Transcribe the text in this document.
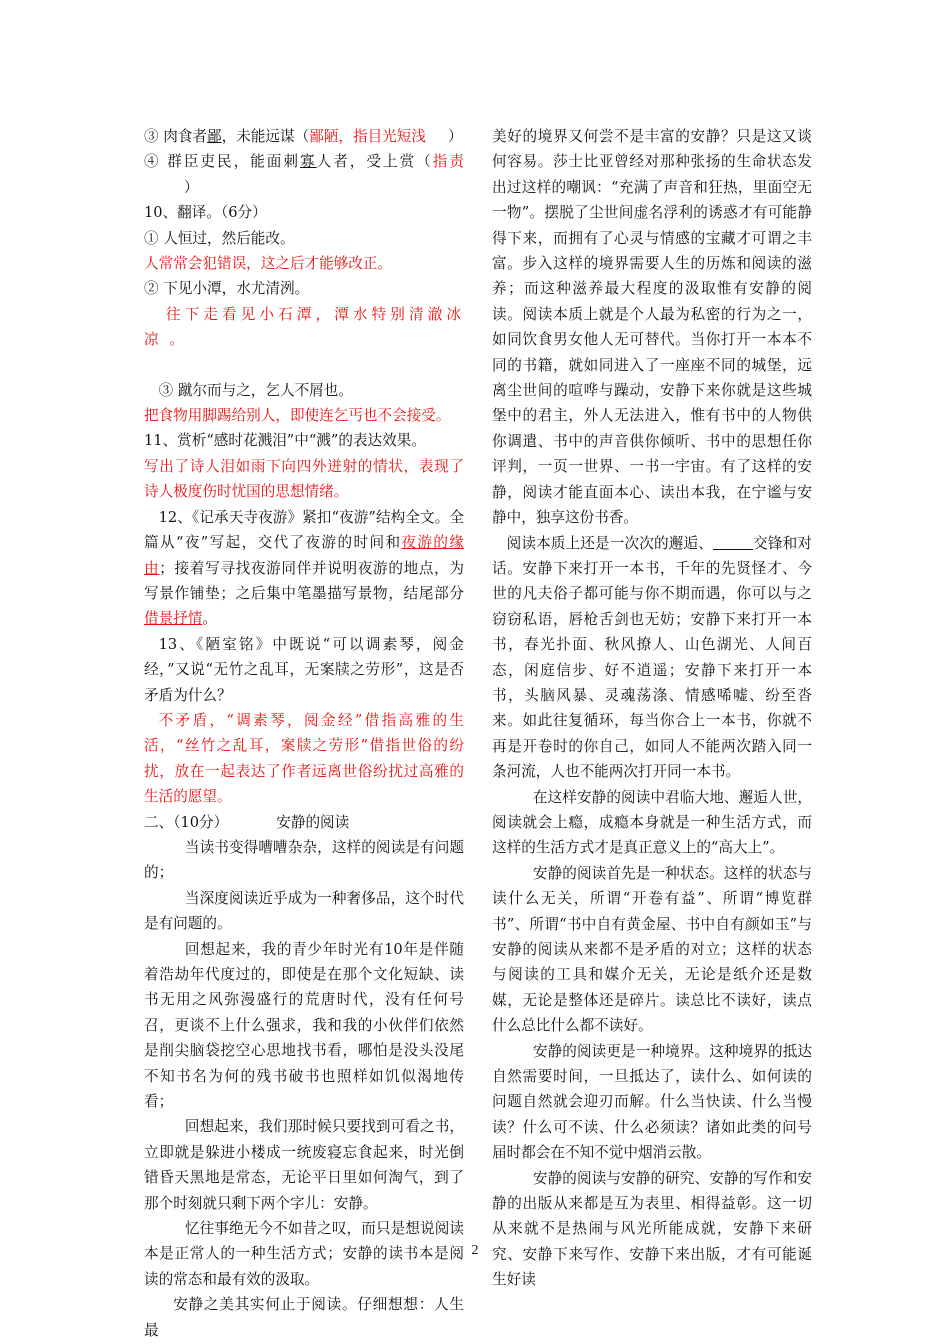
③ 肉食者鄙，未能远谋（鄙陋，指目光短浅 ）

④ 群臣吏民，能面刺寡人者，受上赏（指责）

10、翻译。（6分）

① 人恒过，然后能改。

人常常会犯错误，这之后才能够改正。

② 下见小潭，水尤清洌。

往下走看见小石潭，潭水特别清澈冰凉 。

③ 蹴尔而与之，乞人不屑也。

把食物用脚踢给别人，即使连乞丐也不会接受。

11、赏析“感时花溅泪”中“溅”的表达效果。

写出了诗人泪如雨下向四外迸射的情状，表现了诗人极度伤时忧国的思想情绪。

12、《记承天寺夜游》紧扣“夜游”结构全文。全篇从“夜”写起，交代了夜游的时间和夜游的缘由；接着写寻找夜游同伴并说明夜游的地点，为写景作铺垫；之后集中笔墨描写景物，结尾部分借景抒情。

13、《陋室铭》中既说“可以调素琴，阅金经，”又说“无竹之乱耳，无案牍之劳形”，这是否矛盾为什么？

不矛盾，“调素琴，阅金经”借指高雅的生活，“丝竹之乱耳，案牍之劳形”借指世俗的纷扰，放在一起表达了作者远离世俗纷扰过高雅的生活的愿望。

二、（10分）	安静的阅读

当读书变得嘈嘈杂杂，这样的阅读是有问题的；

当深度阅读近乎成为一种奢侈品，这个时代是有问题的。

回想起来，我的青少年时光有10年是伴随着浩劫年代度过的，即使是在那个文化短缺、读书无用之风弥漫盛行的荒唐时代，没有任何号召，更谈不上什么强求，我和我的小伙伴们依然是削尖脑袋挖空心思地找书看，哪怕是没头没尾不知书名为何的残书破书也照样如饥似渴地传看；

回想起来，我们那时候只要找到可看之书，立即就是躲进小楼成一统废寝忘食起来，时光倒错昏天黑地是常态，无论平日里如何淘气，到了那个时刻就只剩下两个字儿：安静。

忆往事绝无今不如昔之叹，而只是想说阅读本是正常人的一种生活方式；安静的读书本是阅读的常态和最有效的汲取。

安静之美其实何止于阅读。仔细想想：人生最

美好的境界又何尝不是丰富的安静？只是这又谈何容易。莎士比亚曾经对那种张扬的生命状态发出过这样的嘲讽：“充满了声音和狂热，里面空无一物”。摆脱了尘世间虚名浮利的诱惑才有可能静得下来，而拥有了心灵与情感的宝藏才可谓之丰富。步入这样的境界需要人生的历炼和阅读的滋养；而这种滋养最大程度的汲取惟有安静的阅读。阅读本质上就是个人最为私密的行为之一，如同饮食男女他人无可替代。当你打开一本本不同的书籍，就如同进入了一座座不同的城堡，远离尘世间的喧哗与躁动，安静下来你就是这些城堡中的君主，外人无法进入，惟有书中的人物供你调遣、书中的声音供你倾听、书中的思想任你评判，一页一世界、一书一宇宙。有了这样的安静，阅读才能直面本心、读出本我，在宁谧与安静中，独享这份书香。

阅读本质上还是一次次的邂逅、	交锋和对话。安静下来打开一本书，千年的先贤怪才、今世的凡夫俗子都可能与你不期而遇，你可以与之窃窃私语，唇枪舌剑也无妨；安静下来打开一本书，春光扑面、秋风撩人、山色湖光、人间百态，闲庭信步、好不逍遥；安静下来打开一本书，头脑风暴、灵魂荡涤、情感唏嘘、纷至沓来。如此往复循环，每当你合上一本书，你就不再是开卷时的你自己，如同人不能两次踏入同一条河流，人也不能两次打开同一本书。

在这样安静的阅读中君临大地、邂逅人世，阅读就会上瘾，成瘾本身就是一种生活方式，而这样的生活方式才是真正意义上的“高大上”。

安静的阅读首先是一种状态。这样的状态与读什么无关，所谓“开卷有益”、所谓“博览群书”、所谓“书中自有黄金屋、书中自有颜如玉”与安静的阅读从来都不是矛盾的对立；这样的状态与阅读的工具和媒介无关，无论是纸介还是数媒，无论是整体还是碎片。读总比不读好，读点什么总比什么都不读好。

安静的阅读更是一种境界。这种境界的抵达自然需要时间，一旦抵达了，读什么、如何读的问题自然就会迎刃而解。什么当快读、什么当慢读？什么可不读、什么必须读？诸如此类的问号届时都会在不知不觉中烟消云散。

安静的阅读与安静的研究、安静的写作和安静的出版从来都是互为表里、相得益彰。这一切从来就不是热闹与风光所能成就，安静下来研究、安静下来写作、安静下来出版，才有可能诞生好读

2
